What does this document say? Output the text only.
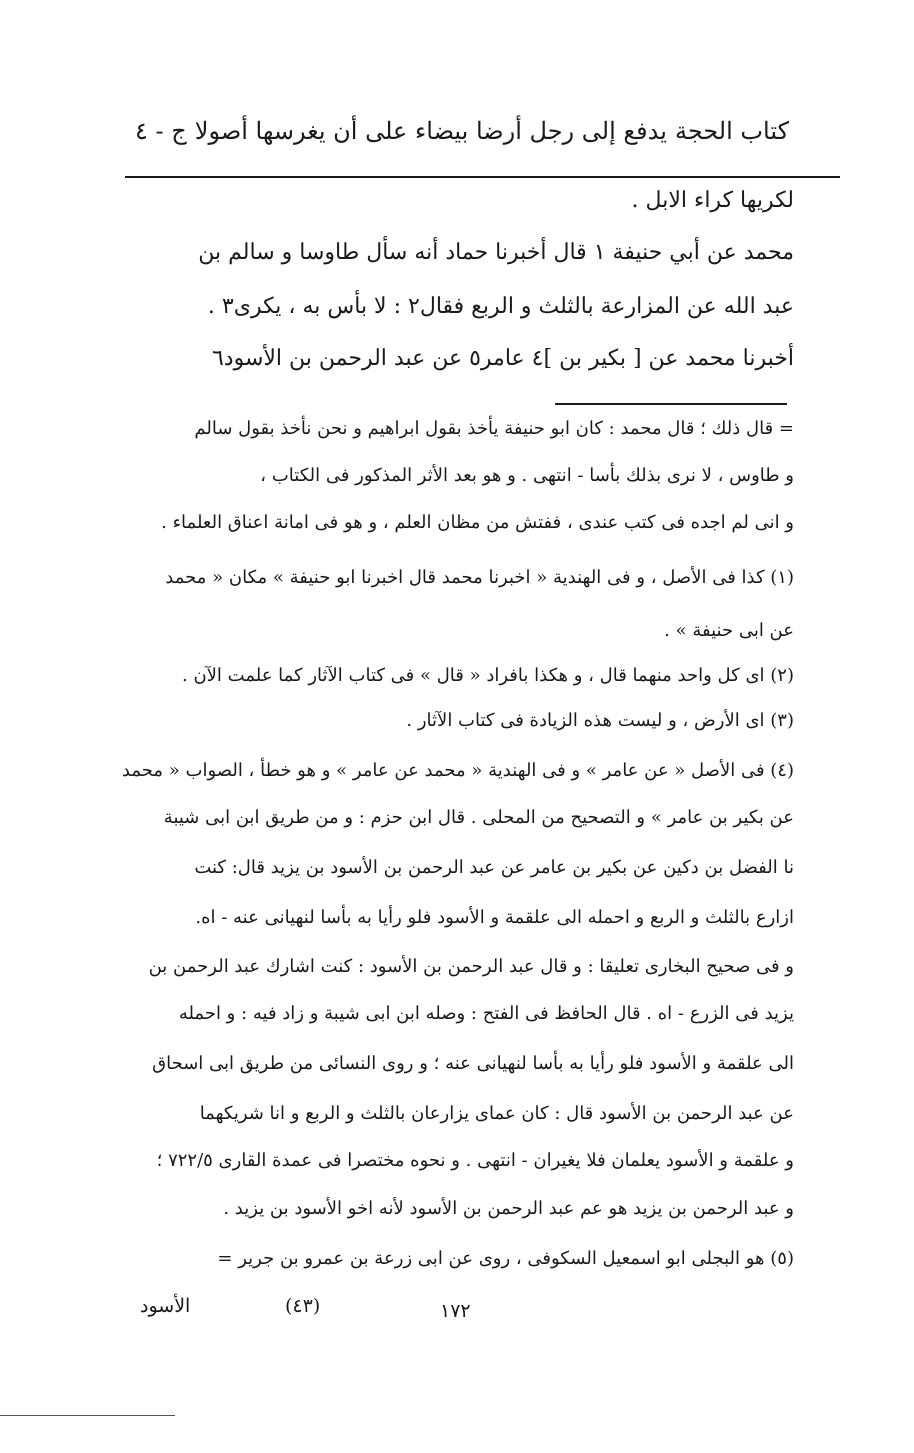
كتاب الحجة
يدفع إلى رجل أرضا بيضاء على أن يغرسها أصولا
ج - ٤
لكريها كراء الابل .
محمد عن أبي حنيفة ١ قال أخبرنا حماد أنه سأل طاوسا و سالم بن
عبد الله عن المزارعة بالثلث و الربع فقال٢ : لا بأس به ، يكرى٣ .
أخبرنا محمد عن [ بكير بن ]٤ عامر٥ عن عبد الرحمن بن الأسود٦
= قال ذلك ؛ قال محمد : كان ابو حنيفة يأخذ بقول ابراهيم و نحن نأخذ بقول سالم
و طاوس ، لا نرى بذلك بأسا - انتهى . و هو بعد الأثر المذكور فى الكتاب ،
و انى لم اجده فى كتب عندى ، ففتش من مظان العلم ، و هو فى امانة اعناق العلماء .
(١) كذا فى الأصل ، و فى الهندية « اخبرنا محمد قال اخبرنا ابو حنيفة » مكان « محمد
عن ابى حنيفة » .
(٢) اى كل واحد منهما قال ، و هكذا بافراد « قال » فى كتاب الآثار كما علمت الآن .
(٣) اى الأرض ، و ليست هذه الزيادة فى كتاب الآثار .
(٤) فى الأصل « عن عامر » و فى الهندية « محمد عن عامر » و هو خطأ ، الصواب « محمد
عن بكير بن عامر » و التصحيح من المحلى . قال ابن حزم : و من طريق ابن ابى شيبة
نا الفضل بن دكين عن بكير بن عامر عن عبد الرحمن بن الأسود بن يزيد قال: كنت
ازارع بالثلث و الربع و احمله الى علقمة و الأسود فلو رأيا به بأسا لنهيانى عنه - اه.
و فى صحيح البخارى تعليقا : و قال عبد الرحمن بن الأسود : كنت اشارك عبد الرحمن بن
يزيد فى الزرع - اه . قال الحافظ فى الفتح : وصله ابن ابى شيبة و زاد فيه : و احمله
الى علقمة و الأسود فلو رأيا به بأسا لنهيانى عنه ؛ و روى النسائى من طريق ابى اسحاق
عن عبد الرحمن بن الأسود قال : كان عماى يزارعان بالثلث و الربع و انا شريكهما
و علقمة و الأسود يعلمان فلا يغيران - انتهى . و نحوه مختصرا فى عمدة القارى ٧٢٢/٥ ؛
و عبد الرحمن بن يزيد هو عم عبد الرحمن بن الأسود لأنه اخو الأسود بن يزيد .
(٥) هو البجلى ابو اسمعيل السكوفى ، روى عن ابى زرعة بن عمرو بن جرير =
الأسود	(٤٣)	١٧٢
